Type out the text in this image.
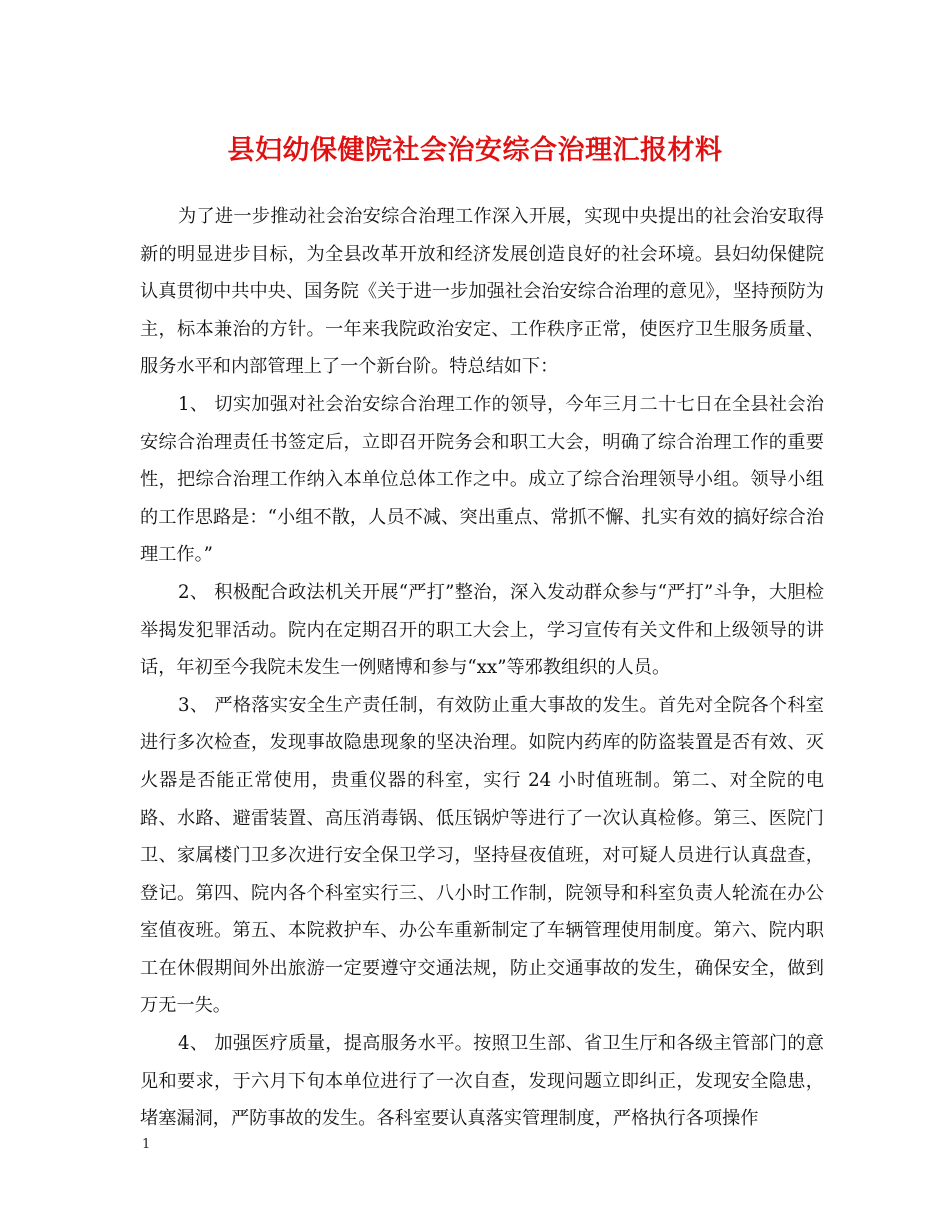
县妇幼保健院社会治安综合治理汇报材料

为了进一步推动社会治安综合治理工作深入开展，实现中央提出的社会治安取得新的明显进步目标，为全县改革开放和经济发展创造良好的社会环境。县妇幼保健院认真贯彻中共中央、国务院《关于进一步加强社会治安综合治理的意见》，坚持预防为主，标本兼治的方针。一年来我院政治安定、工作秩序正常，使医疗卫生服务质量、服务水平和内部管理上了一个新台阶。特总结如下：

1、 切实加强对社会治安综合治理工作的领导，今年三月二十七日在全县社会治安综合治理责任书签定后，立即召开院务会和职工大会，明确了综合治理工作的重要性，把综合治理工作纳入本单位总体工作之中。成立了综合治理领导小组。领导小组的工作思路是：“小组不散，人员不减、突出重点、常抓不懈、扎实有效的搞好综合治理工作。”

2、 积极配合政法机关开展“严打”整治，深入发动群众参与“严打”斗争，大胆检举揭发犯罪活动。院内在定期召开的职工大会上，学习宣传有关文件和上级领导的讲话，年初至今我院未发生一例赌博和参与“xx”等邪教组织的人员。

3、 严格落实安全生产责任制，有效防止重大事故的发生。首先对全院各个科室进行多次检查，发现事故隐患现象的坚决治理。如院内药库的防盗装置是否有效、灭火器是否能正常使用，贵重仪器的科室，实行 24 小时值班制。第二、对全院的电路、水路、避雷装置、高压消毒锅、低压锅炉等进行了一次认真检修。第三、医院门卫、家属楼门卫多次进行安全保卫学习，坚持昼夜值班，对可疑人员进行认真盘查，登记。第四、院内各个科室实行三、八小时工作制，院领导和科室负责人轮流在办公室值夜班。第五、本院救护车、办公车重新制定了车辆管理使用制度。第六、院内职工在休假期间外出旅游一定要遵守交通法规，防止交通事故的发生，确保安全，做到万无一失。

4、 加强医疗质量，提高服务水平。按照卫生部、省卫生厅和各级主管部门的意见和要求，于六月下旬本单位进行了一次自查，发现问题立即纠正，发现安全隐患，堵塞漏洞，严防事故的发生。各科室要认真落实管理制度，严格执行各项操作

1
